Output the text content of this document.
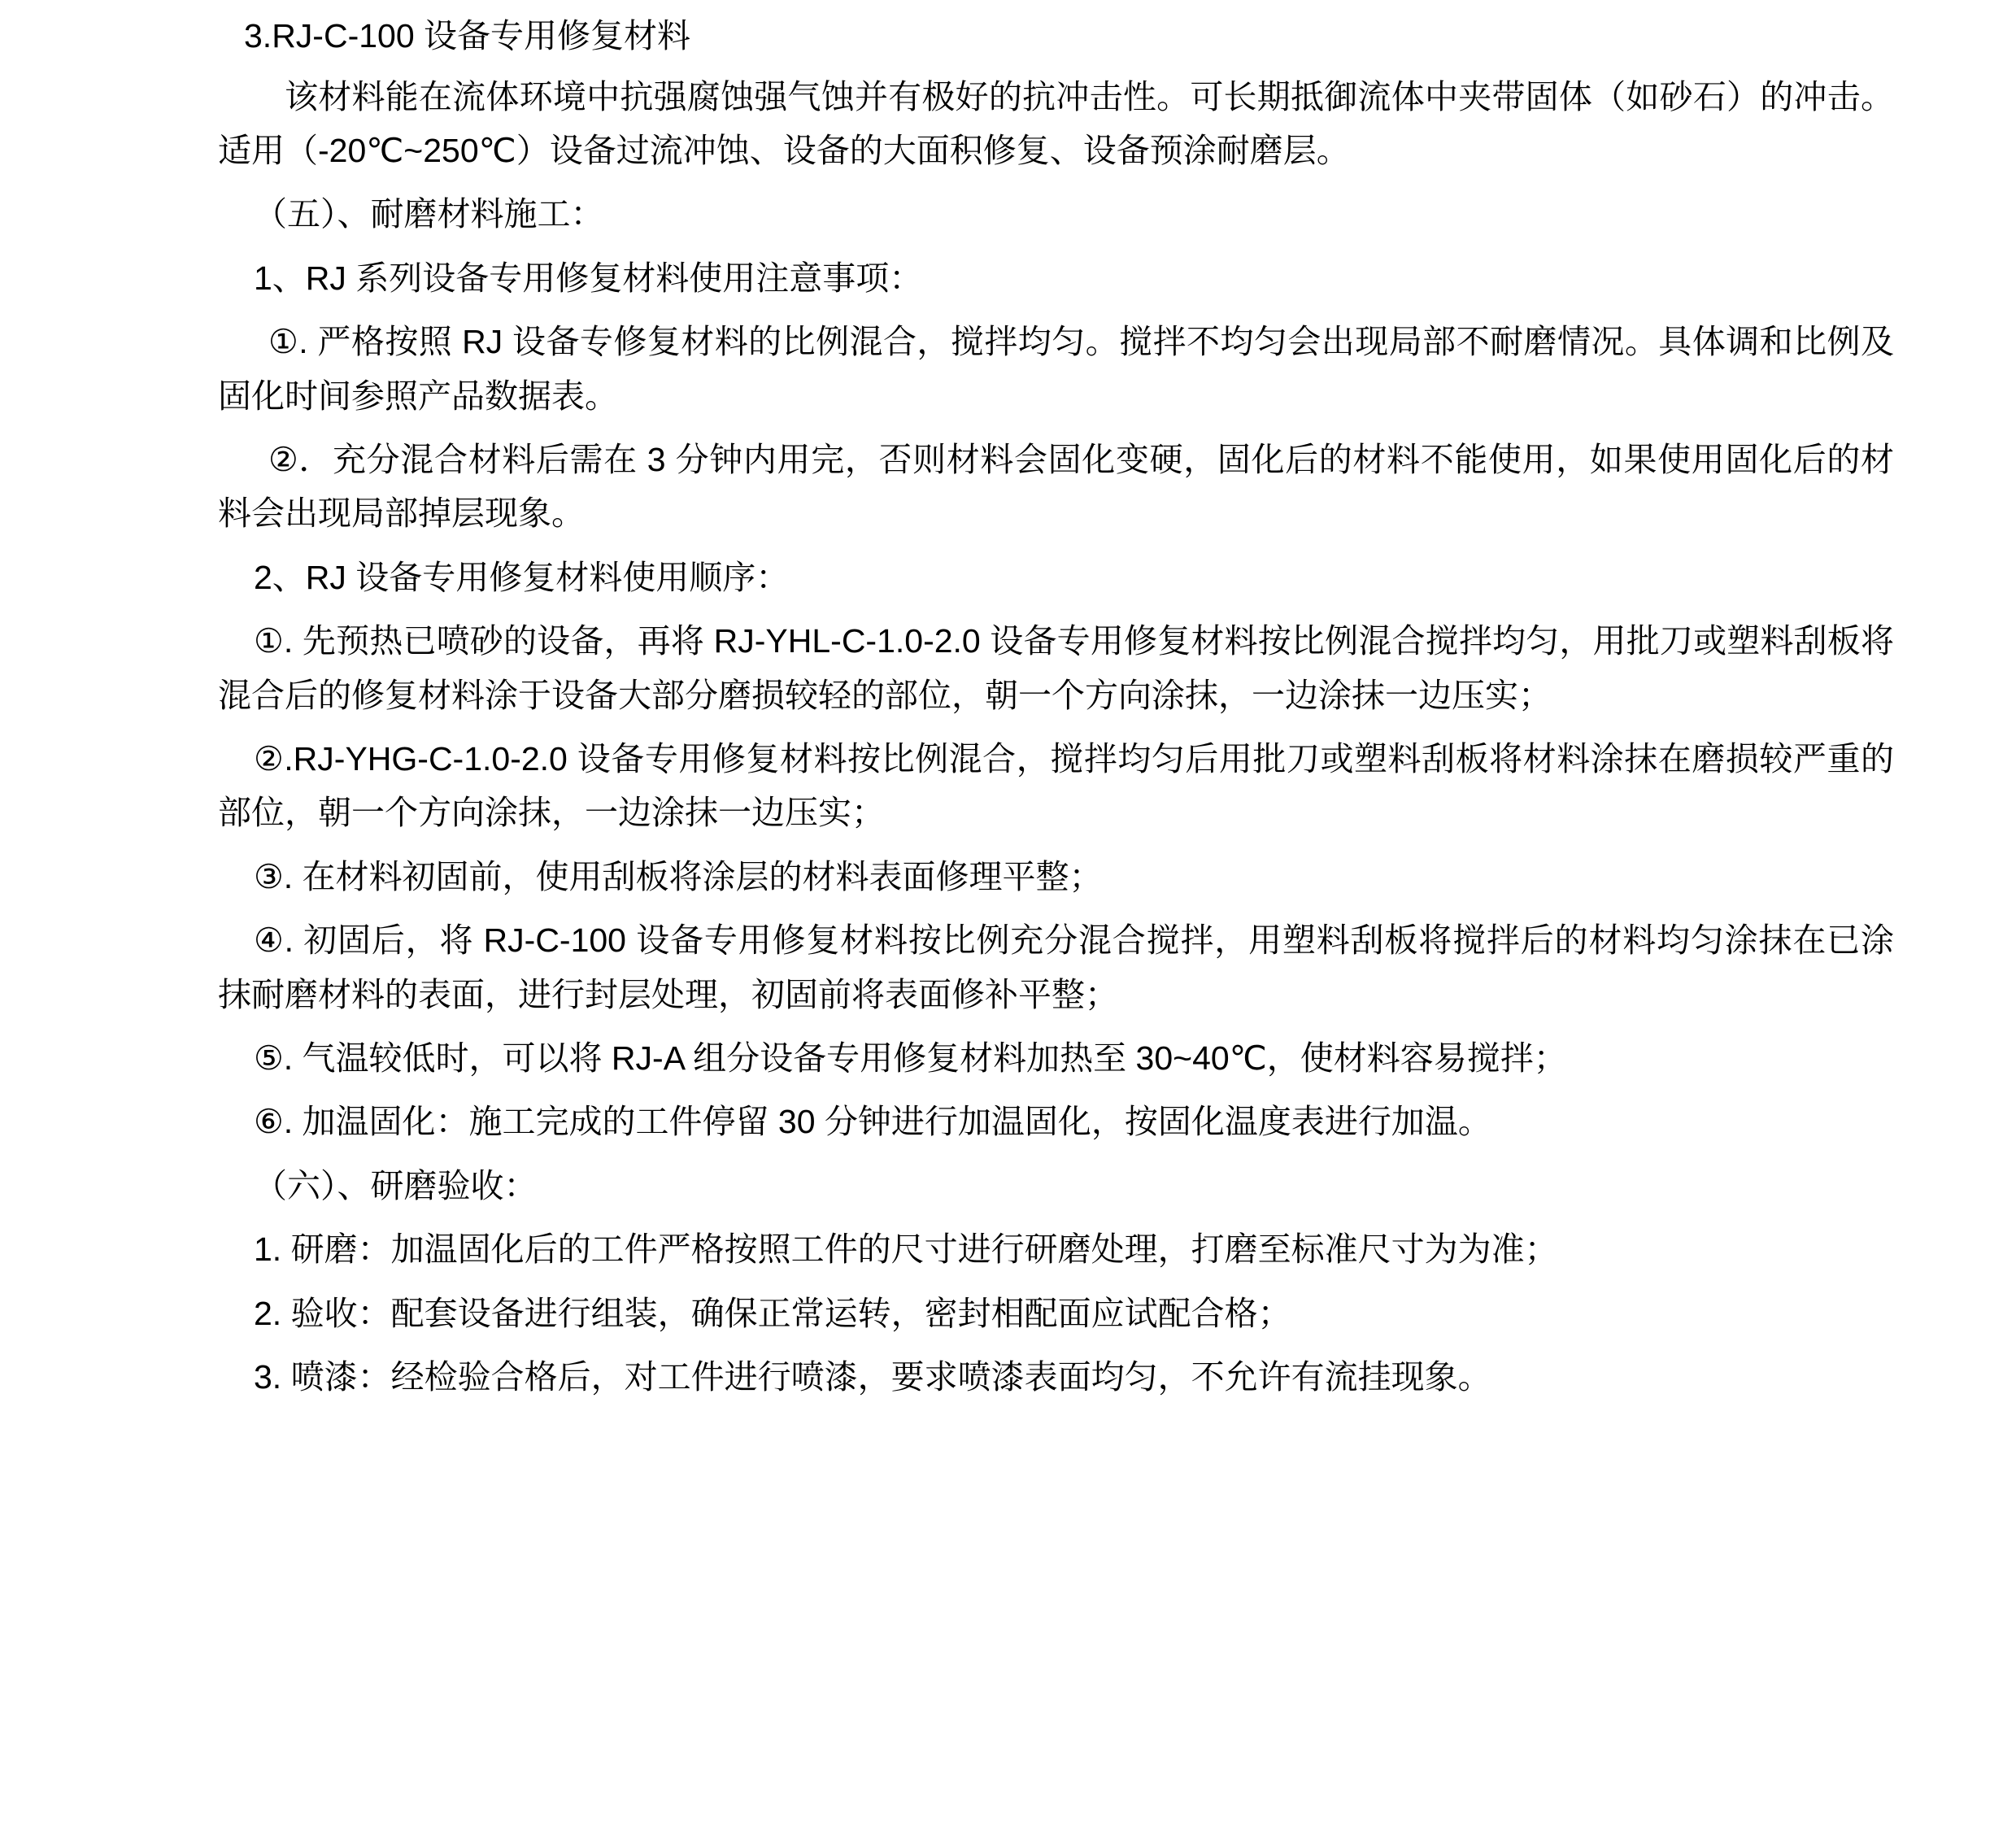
3.RJ-C-100 设备专用修复材料

该材料能在流体环境中抗强腐蚀强气蚀并有极好的抗冲击性。可长期抵御流体中夹带固体（如砂石）的冲击。适用（-20℃~250℃）设备过流冲蚀、设备的大面积修复、设备预涂耐磨层。

（五）、耐磨材料施工：

1、RJ 系列设备专用修复材料使用注意事项：

①. 严格按照 RJ 设备专修复材料的比例混合，搅拌均匀。搅拌不均匀会出现局部不耐磨情况。具体调和比例及固化时间参照产品数据表。

②．充分混合材料后需在 3 分钟内用完，否则材料会固化变硬，固化后的材料不能使用，如果使用固化后的材料会出现局部掉层现象。

2、RJ 设备专用修复材料使用顺序：

①. 先预热已喷砂的设备，再将 RJ-YHL-C-1.0-2.0 设备专用修复材料按比例混合搅拌均匀，用批刀或塑料刮板将混合后的修复材料涂于设备大部分磨损较轻的部位，朝一个方向涂抹，一边涂抹一边压实；

②.RJ-YHG-C-1.0-2.0 设备专用修复材料按比例混合，搅拌均匀后用批刀或塑料刮板将材料涂抹在磨损较严重的部位，朝一个方向涂抹，一边涂抹一边压实；

③. 在材料初固前，使用刮板将涂层的材料表面修理平整；

④. 初固后，将 RJ-C-100 设备专用修复材料按比例充分混合搅拌，用塑料刮板将搅拌后的材料均匀涂抹在已涂抹耐磨材料的表面，进行封层处理，初固前将表面修补平整；

⑤. 气温较低时，可以将 RJ-A 组分设备专用修复材料加热至 30~40℃，使材料容易搅拌；

⑥. 加温固化：施工完成的工件停留 30 分钟进行加温固化，按固化温度表进行加温。

（六）、研磨验收：

1. 研磨：加温固化后的工件严格按照工件的尺寸进行研磨处理，打磨至标准尺寸为为准；

2. 验收：配套设备进行组装，确保正常运转，密封相配面应试配合格；

3. 喷漆：经检验合格后，对工件进行喷漆，要求喷漆表面均匀，不允许有流挂现象。
